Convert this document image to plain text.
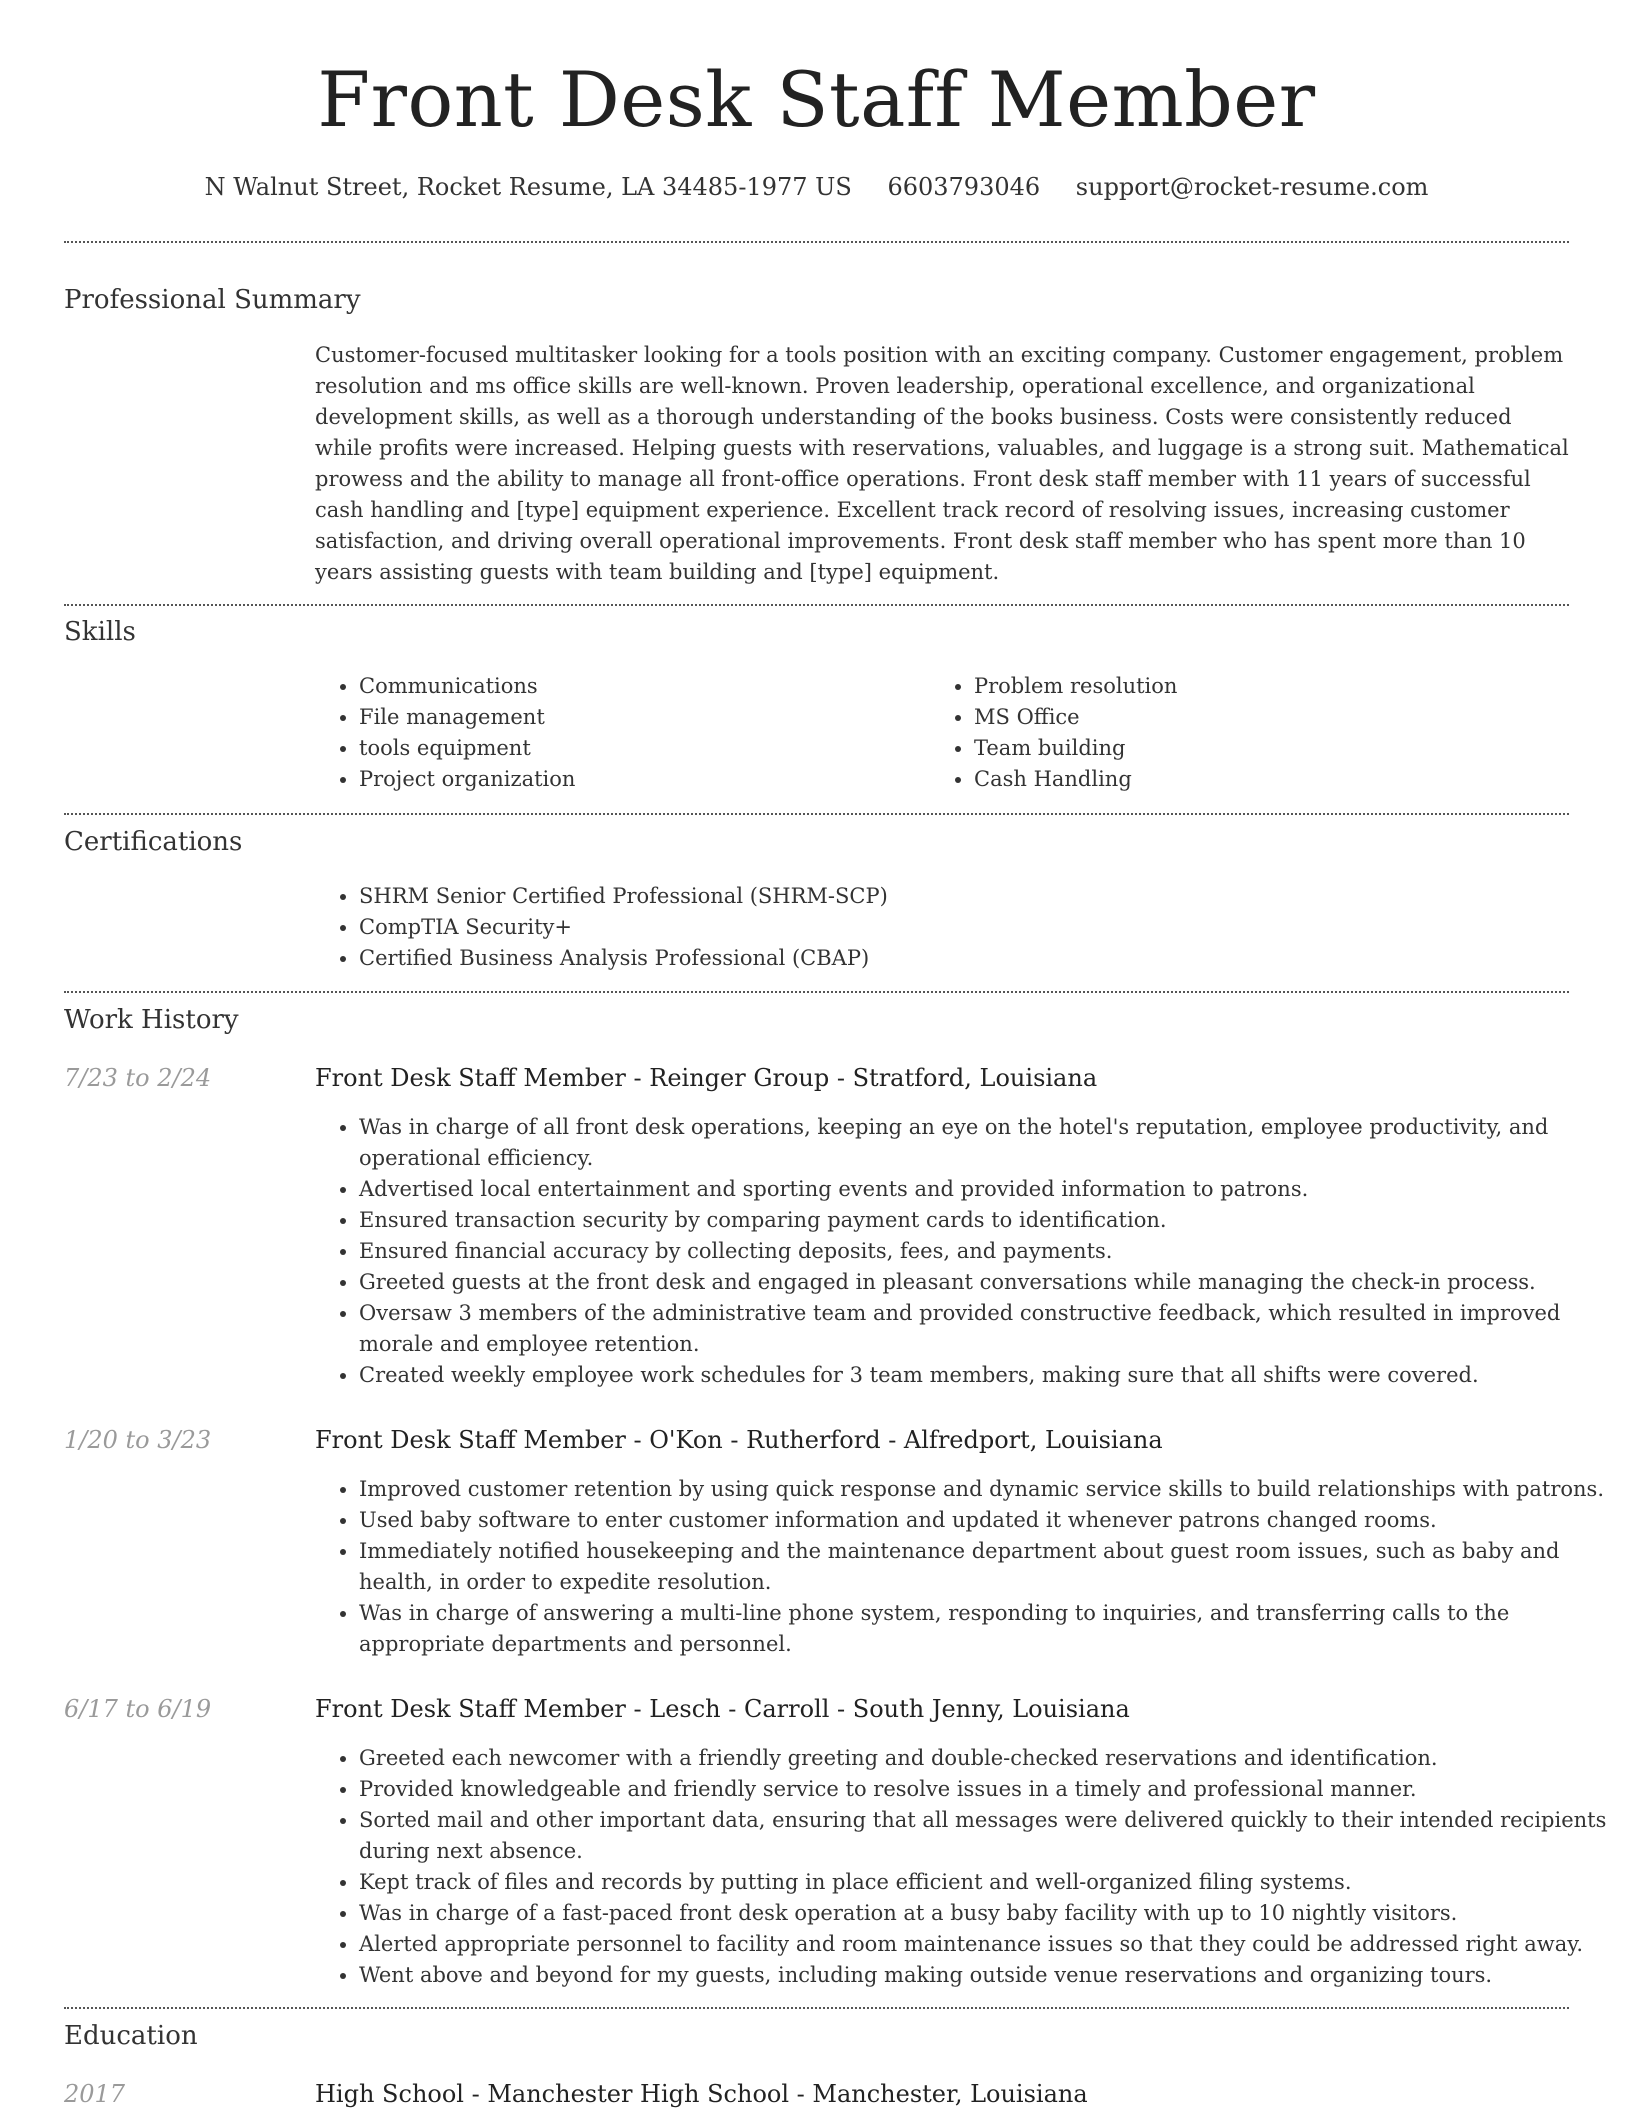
Front Desk Staff Member
N Walnut Street, Rocket Resume, LA 34485-1977 US 6603793046 support@rocket-resume.com
Professional Summary
Customer-focused multitasker looking for a tools position with an exciting company. Customer engagement, problem resolution and ms office skills are well-known. Proven leadership, operational excellence, and organizational development skills, as well as a thorough understanding of the books business. Costs were consistently reduced while profits were increased. Helping guests with reservations, valuables, and luggage is a strong suit. Mathematical prowess and the ability to manage all front-office operations. Front desk staff member with 11 years of successful cash handling and [type] equipment experience. Excellent track record of resolving issues, increasing customer satisfaction, and driving overall operational improvements. Front desk staff member who has spent more than 10 years assisting guests with team building and [type] equipment.
Skills
• Communications
• File management
• tools equipment
• Project organization
• Problem resolution
• MS Office
• Team building
• Cash Handling
Certifications
• SHRM Senior Certified Professional (SHRM-SCP)
• CompTIA Security+
• Certified Business Analysis Professional (CBAP)
Work History
7/23 to 2/24	Front Desk Staff Member - Reinger Group - Stratford, Louisiana
• Was in charge of all front desk operations, keeping an eye on the hotel's reputation, employee productivity, and operational efficiency.
• Advertised local entertainment and sporting events and provided information to patrons.
• Ensured transaction security by comparing payment cards to identification.
• Ensured financial accuracy by collecting deposits, fees, and payments.
• Greeted guests at the front desk and engaged in pleasant conversations while managing the check-in process.
• Oversaw 3 members of the administrative team and provided constructive feedback, which resulted in improved morale and employee retention.
• Created weekly employee work schedules for 3 team members, making sure that all shifts were covered.
1/20 to 3/23	Front Desk Staff Member - O'Kon - Rutherford - Alfredport, Louisiana
• Improved customer retention by using quick response and dynamic service skills to build relationships with patrons.
• Used baby software to enter customer information and updated it whenever patrons changed rooms.
• Immediately notified housekeeping and the maintenance department about guest room issues, such as baby and health, in order to expedite resolution.
• Was in charge of answering a multi-line phone system, responding to inquiries, and transferring calls to the appropriate departments and personnel.
6/17 to 6/19	Front Desk Staff Member - Lesch - Carroll - South Jenny, Louisiana
• Greeted each newcomer with a friendly greeting and double-checked reservations and identification.
• Provided knowledgeable and friendly service to resolve issues in a timely and professional manner.
• Sorted mail and other important data, ensuring that all messages were delivered quickly to their intended recipients during next absence.
• Kept track of files and records by putting in place efficient and well-organized filing systems.
• Was in charge of a fast-paced front desk operation at a busy baby facility with up to 10 nightly visitors.
• Alerted appropriate personnel to facility and room maintenance issues so that they could be addressed right away.
• Went above and beyond for my guests, including making outside venue reservations and organizing tours.
Education
2017	High School - Manchester High School - Manchester, Louisiana
